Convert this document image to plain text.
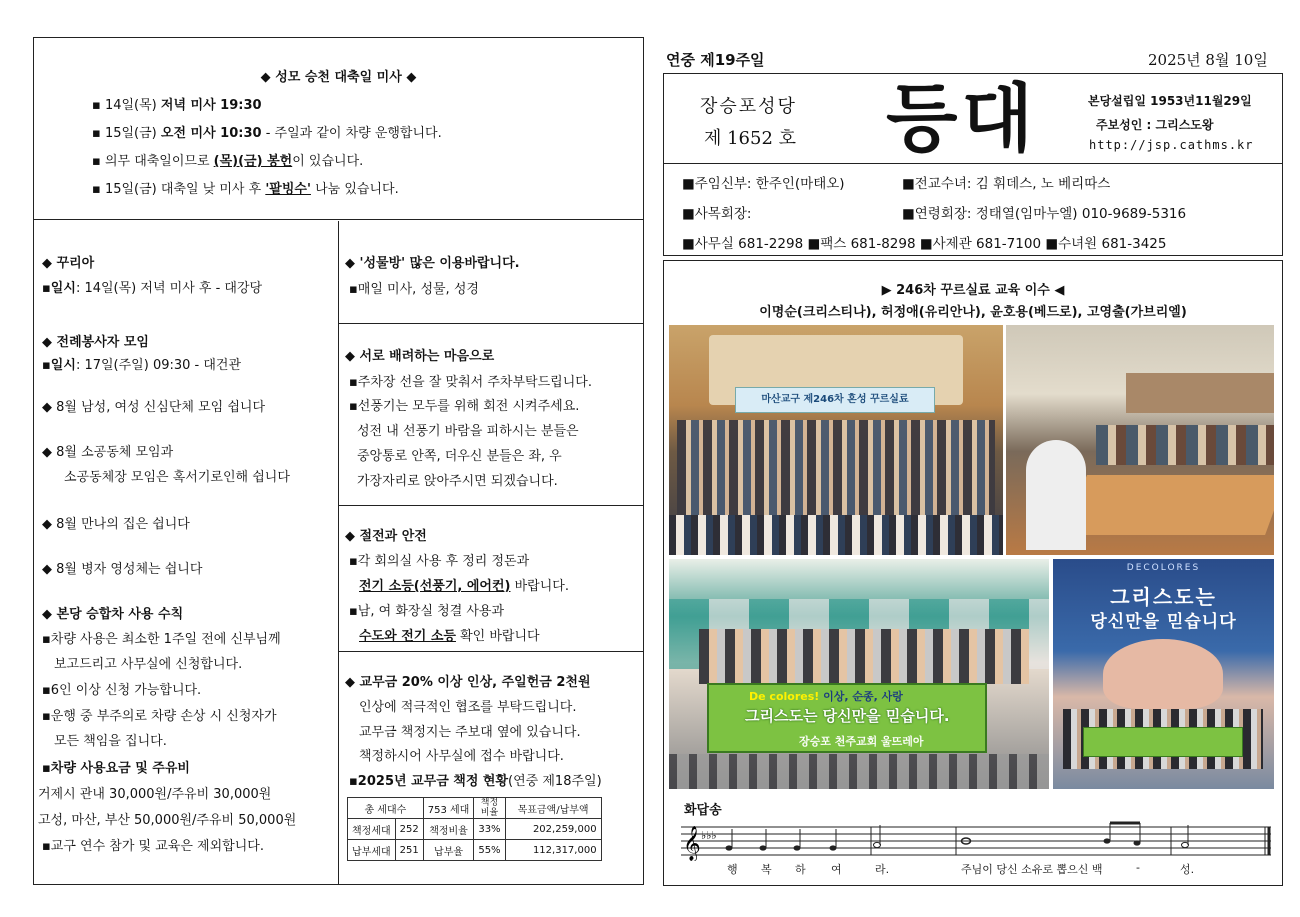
◆ 성모 승천 대축일 미사 ◆
▪ 14일(목) 저녁 미사 19:30
▪ 15일(금) 오전 미사 10:30 - 주일과 같이 차량 운행합니다.
▪ 의무 대축일이므로 (목)(금) 봉헌이 있습니다.
▪ 15일(금) 대축일 낮 미사 후 '팥빙수' 나눔 있습니다.
◆ 꾸리아
▪일시: 14일(목) 저녁 미사 후 - 대강당
◆ 전례봉사자 모임
▪일시: 17일(주일) 09:30 - 대건관
◆ 8월 남성, 여성 신심단체 모임 쉽니다
◆ 8월 소공동체 모임과
소공동체장 모임은 혹서기로인해 쉽니다
◆ 8월 만나의 집은 쉽니다
◆ 8월 병자 영성체는 쉽니다
◆ 본당 승합차 사용 수칙
▪차량 사용은 최소한 1주일 전에 신부님께
보고드리고 사무실에 신청합니다.
▪6인 이상 신청 가능합니다.
▪운행 중 부주의로 차량 손상 시 신청자가
모든 책임을 집니다.
▪차량 사용요금 및 주유비
거제시 관내 30,000원/주유비 30,000원
고성, 마산, 부산 50,000원/주유비 50,000원
▪교구 연수 참가 및 교육은 제외합니다.
◆ '성물방' 많은 이용바랍니다.
▪매일 미사, 성물, 성경
◆ 서로 배려하는 마음으로
▪주차장 선을 잘 맞춰서 주차부탁드립니다.
▪선풍기는 모두를 위해 회전 시켜주세요.
성전 내 선풍기 바람을 피하시는 분들은
중앙통로 안쪽, 더우신 분들은 좌, 우
가장자리로 앉아주시면 되겠습니다.
◆ 절전과 안전
▪각 회의실 사용 후 정리 정돈과
전기 소등(선풍기, 에어컨) 바랍니다.
▪남, 여 화장실 청결 사용과
수도와 전기 소등 확인 바랍니다
◆ 교무금 20% 이상 인상, 주일헌금 2천원
인상에 적극적인 협조를 부탁드립니다.
교무금 책정지는 주보대 옆에 있습니다.
책정하시어 사무실에 접수 바랍니다.
▪2025년 교무금 책정 현황(연중 제18주일)
총 세대수		753 세대	책정비율	목표금액/납부액
책정세대	252	책정비율	33%	202,259,000
납부세대	251	납부율	55%	112,317,000
연중 제19주일	2025년 8월 10일
장승포성당
제 1652 호 등대	본당설립일 1953년11월29일
주보성인 : 그리스도왕
http://jsp.cathms.kr
■주임신부: 한주인(마태오)	■전교수녀: 김 휘데스, 노 베리따스
■사목회장:	■연령회장: 정태열(임마누엘) 010-9689-5316
■사무실 681-2298 ■팩스 681-8298 ■사제관 681-7100 ■수녀원 681-3425
▶ 246차 꾸르실료 교육 이수 ◀
이명순(크리스티나), 허정애(유리안나), 윤호용(베드로), 고영출(가브리엘)
마산교구 제246차 혼성 꾸르실료
De colores! 이상, 순종, 사랑
그리스도는 당신만을 믿습니다.
장승포 천주교회 울뜨레아
DECOLORES
그리스도는
당신만을 믿습니다
화답송
𝄞 ♭♭♭
행 복 하 여	라.	주님이 당신 소유로 뽑으신 백	-	성.
